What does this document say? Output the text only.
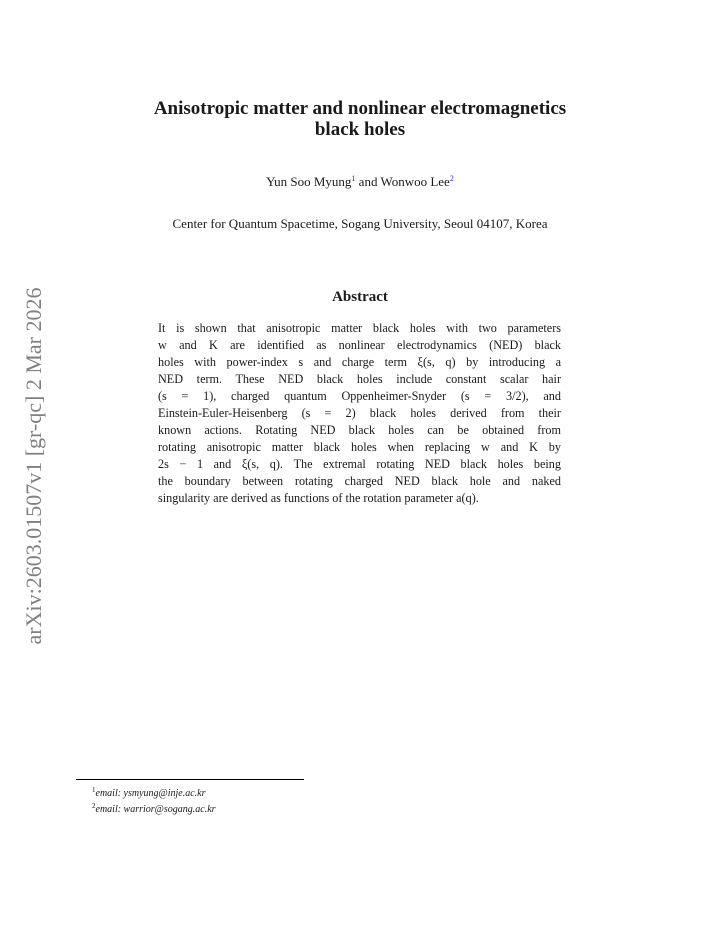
arXiv:2603.01507v1 [gr-qc] 2 Mar 2026
Anisotropic matter and nonlinear electromagnetics
black holes
Yun Soo Myung$^1$ and Wonwoo Lee$^2$
Center for Quantum Spacetime, Sogang University, Seoul 04107, Korea
Abstract
It is shown that anisotropic matter black holes with two parameters
w and K are identified as nonlinear electrodynamics (NED) black
holes with power-index s and charge term ξ(s, q) by introducing a
NED term. These NED black holes include constant scalar hair
(s = 1), charged quantum Oppenheimer-Snyder (s = 3/2), and
Einstein-Euler-Heisenberg (s = 2) black holes derived from their
known actions. Rotating NED black holes can be obtained from
rotating anisotropic matter black holes when replacing w and K by
2s − 1 and ξ(s, q). The extremal rotating NED black holes being
the boundary between rotating charged NED black hole and naked
singularity are derived as functions of the rotation parameter a(q).
$^1$email: ysmyung@inje.ac.kr
$^2$email: warrior@sogang.ac.kr
